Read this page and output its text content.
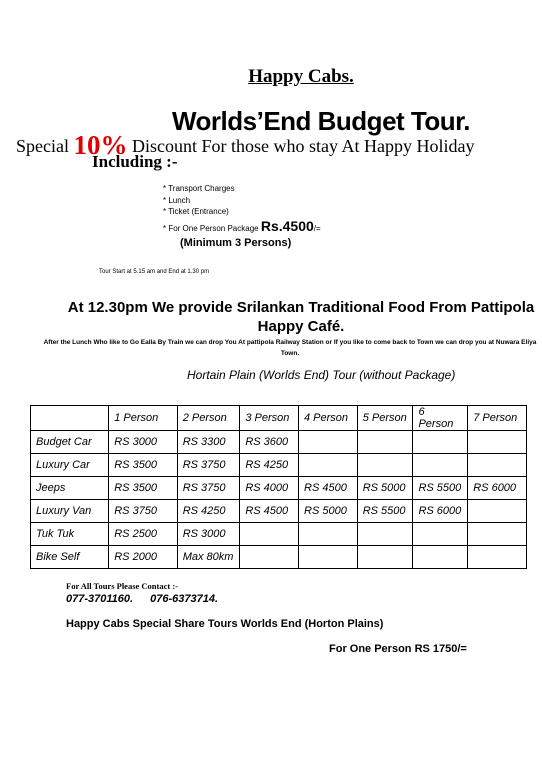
Happy Cabs.
Worlds’End Budget Tour.
Special 10% Discount For those who stay At Happy Holiday
Including :-
* Transport Charges
* Lunch
* Ticket (Entrance)
* For One Person Package Rs.4500/=
(Minimum 3 Persons)
Tour Start at 5.15 am and End at 1.30 pm
At 12.30pm We provide Srilankan Traditional Food From Pattipola Happy Café.
After the Lunch Who like to Go Ealla By Train we can drop You At pattipola Railway Station or If you like to come back to Town we can drop you at Nuwara Eliya Town.
Hortain Plain (Worlds End) Tour (without Package)
	1 Person	2 Person	3 Person	4 Person	5 Person	6 Person	7 Person
Budget Car	RS 3000	RS 3300	RS 3600				
Luxury Car	RS 3500	RS 3750	RS 4250				
Jeeps	RS 3500	RS 3750	RS 4000	RS 4500	RS 5000	RS 5500	RS 6000
Luxury Van	RS 3750	RS 4250	RS 4500	RS 5000	RS 5500	RS 6000	
Tuk Tuk	RS 2500	RS 3000					
Bike Self	RS 2000	Max 80km					
For All Tours Please Contact :-
077-3701160. 076-6373714.
Happy Cabs Special Share Tours Worlds End (Horton Plains)
For One Person RS 1750/=
